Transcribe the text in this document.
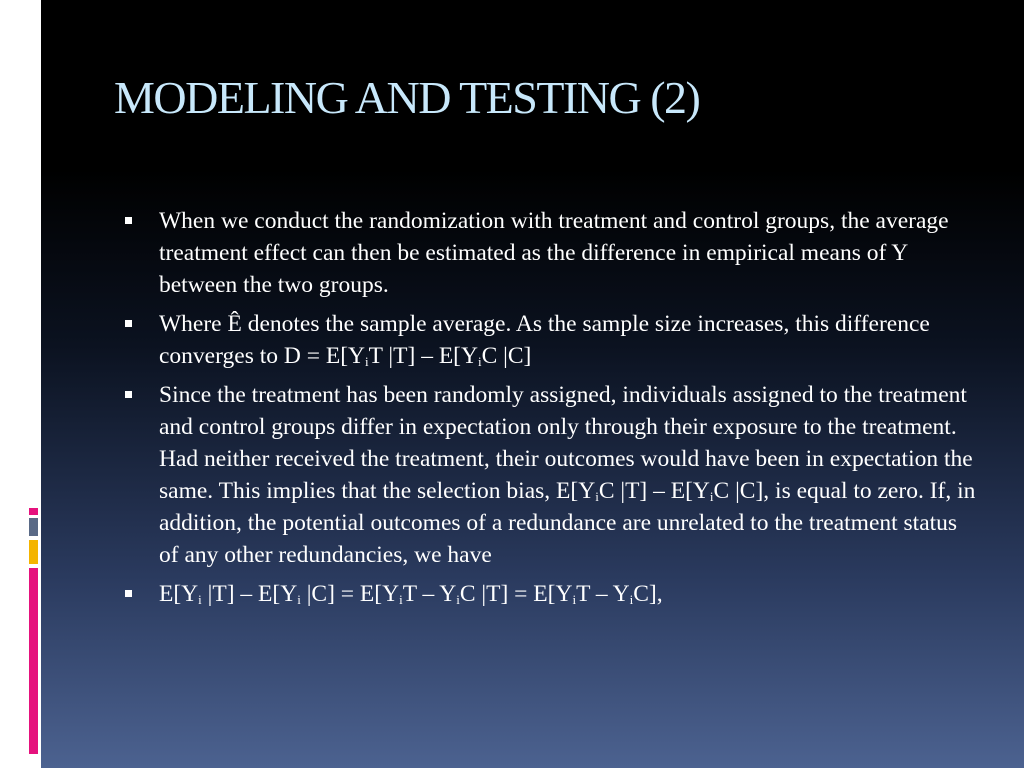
MODELING AND TESTING (2)
When we conduct the randomization with treatment and control groups, the average treatment effect can then be estimated as the difference in empirical means of Y between the two groups.
Where Ê denotes the sample average. As the sample size increases, this difference converges to $D = E[Y_iT$ $|T] - E[Y_iC$ |C]
Since the treatment has been randomly assigned, individuals assigned to the treatment and control groups differ in expectation only through their exposure to the treatment. Had neither received the treatment, their outcomes would have been in expectation the same. This implies that the selection bias, $E[Y_iC$ $|T] - E[Y_iC$ |C], is equal to zero. If, in addition, the potential outcomes of a redundance are unrelated to the treatment status of any other redundancies, we have
$E[Y_i$ $|T] - E[Y_i$ $|C] = E[Y_iT - Y_iC$ $|T] = E[Y_iT - Y_iC]$,
